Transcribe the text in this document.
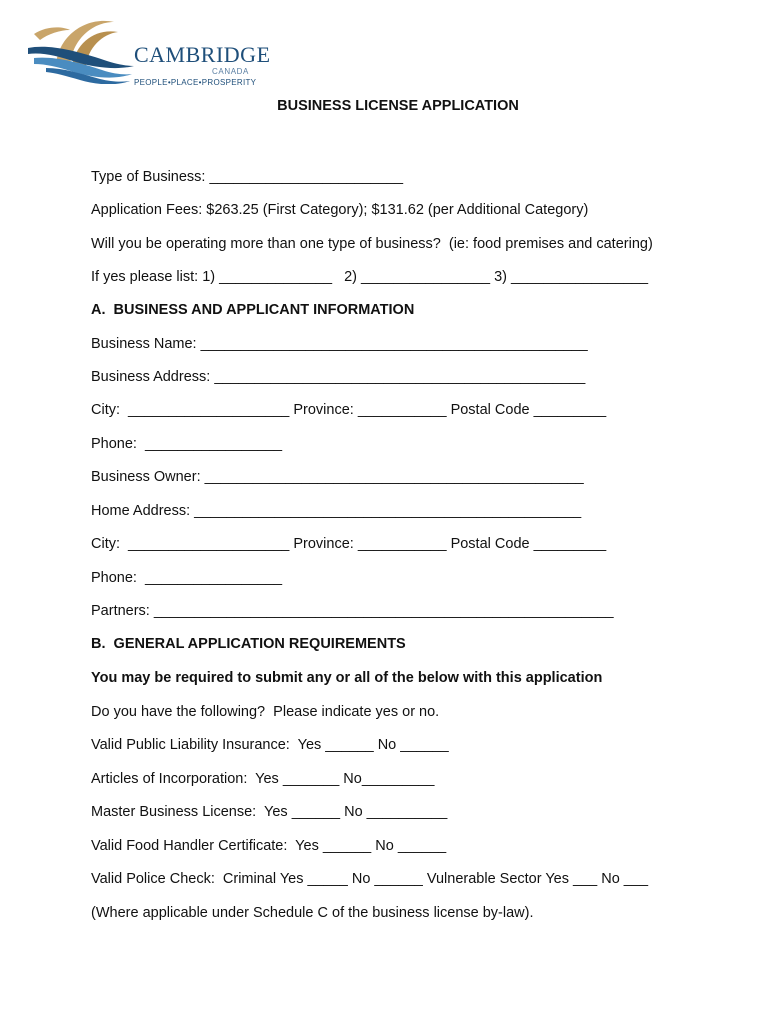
CAMBRIDGE
CANADA
PEOPLE•PLACE•PROSPERITY
BUSINESS LICENSE APPLICATION
Type of Business: ________________________
Application Fees: $263.25 (First Category); $131.62 (per Additional Category)
Will you be operating more than one type of business?  (ie: food premises and catering)
If yes please list: 1) ______________   2) ________________ 3) _________________
A.  BUSINESS AND APPLICANT INFORMATION
Business Name: ________________________________________________
Business Address: ______________________________________________
City:  ____________________ Province: ___________ Postal Code _________
Phone:  _________________
Business Owner: _______________________________________________
Home Address: ________________________________________________
City:  ____________________ Province: ___________ Postal Code _________
Phone:  _________________
Partners: _________________________________________________________
B.  GENERAL APPLICATION REQUIREMENTS
You may be required to submit any or all of the below with this application
Do you have the following?  Please indicate yes or no.
Valid Public Liability Insurance:  Yes ______ No ______
Articles of Incorporation:  Yes _______ No_________
Master Business License:  Yes ______ No __________
Valid Food Handler Certificate:  Yes ______ No ______
Valid Police Check:  Criminal Yes _____ No ______ Vulnerable Sector Yes ___ No ___
(Where applicable under Schedule C of the business license by-law).
